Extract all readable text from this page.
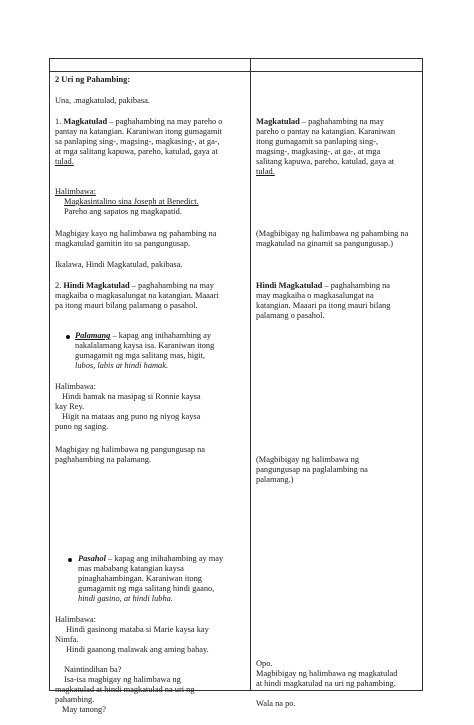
2 Uri ng Pahambing:
Una, .magkatulad, pakibasa.
1. Magkatulad – paghahambing na may pareho o
pantay na katangian. Karaniwan itong gumagamit
sa panlaping sing-, magsing-, magkasing-, at ga-,
at mga salitang kapuwa, pareho, katulad, gaya at
tulad.
Halimbawa:
Magkasintalino sina Joseph at Benedict.
Pareho ang sapatos ng magkapatid.
Magbigay kayo ng halimbawa ng pahambing na
magkatulad gamitin ito sa pangungusap.
Ikalawa, Hindi Magkatulad, pakibasa.
2. Hindi Magkatulad – paghahambing na may
magkaiba o magkasalungat na katangian. Maaari
pa itong mauri bilang palamang o pasahol.
Palamang – kapag ang inihahambing ay
nakalalamang kaysa isa. Karaniwan itong
gumagamit ng mga salitang mas, higit,
lubos, labis at hindi hamak.
Halimbawa:
Hindi hamak na masipag si Ronnie kaysa
kay Rey.
Higit na mataas ang puno ng niyog kaysa
puno ng saging.
Magbigay ng halimbawa ng pangungusap na
paghahambing na palamang.
Pasahol – kapag ang inihahambing ay may
mas mababang katangian kaysa
pinaghahambingan. Karaniwan itong
gumagamit ng mga salitang hindi gaano,
hindi gasino, at hindi lubha.
Halimbawa:
Hindi gasinong mataba si Marie kaysa kay
Nimfa.
Hindi gaanong malawak ang aming bahay.
Naintindihan ba?
Isa-isa magbigay ng halimbawa ng
magkatulad at hindi magkatulad na uri ng
pahambing.
May tanong?
Magkatulad – paghahambing na may
pareho o pantay na katangian. Karaniwan
itong gumagamit sa panlaping sing-,
magsing-, magkasing-, at ga-, at mga
salitang kapuwa, pareho, katulad, gaya at
tulad.
(Magbibigay ng halimbawa ng pahambing na
magkatulad na ginamit sa pangungusap.)
Hindi Magkatulad – paghahambing na
may magkaiba o magkasalungat na
katangian. Maaari pa itong mauri bilang
palamang o pasahol.
(Magbibigay ng halimbawa ng
pangungusap na paglalambing na
palamang.)
Opo.
Magbibigay ng halimbawa ng magkatulad
at hindi magkatulad na uri ng pahambing.
Wala na po.
